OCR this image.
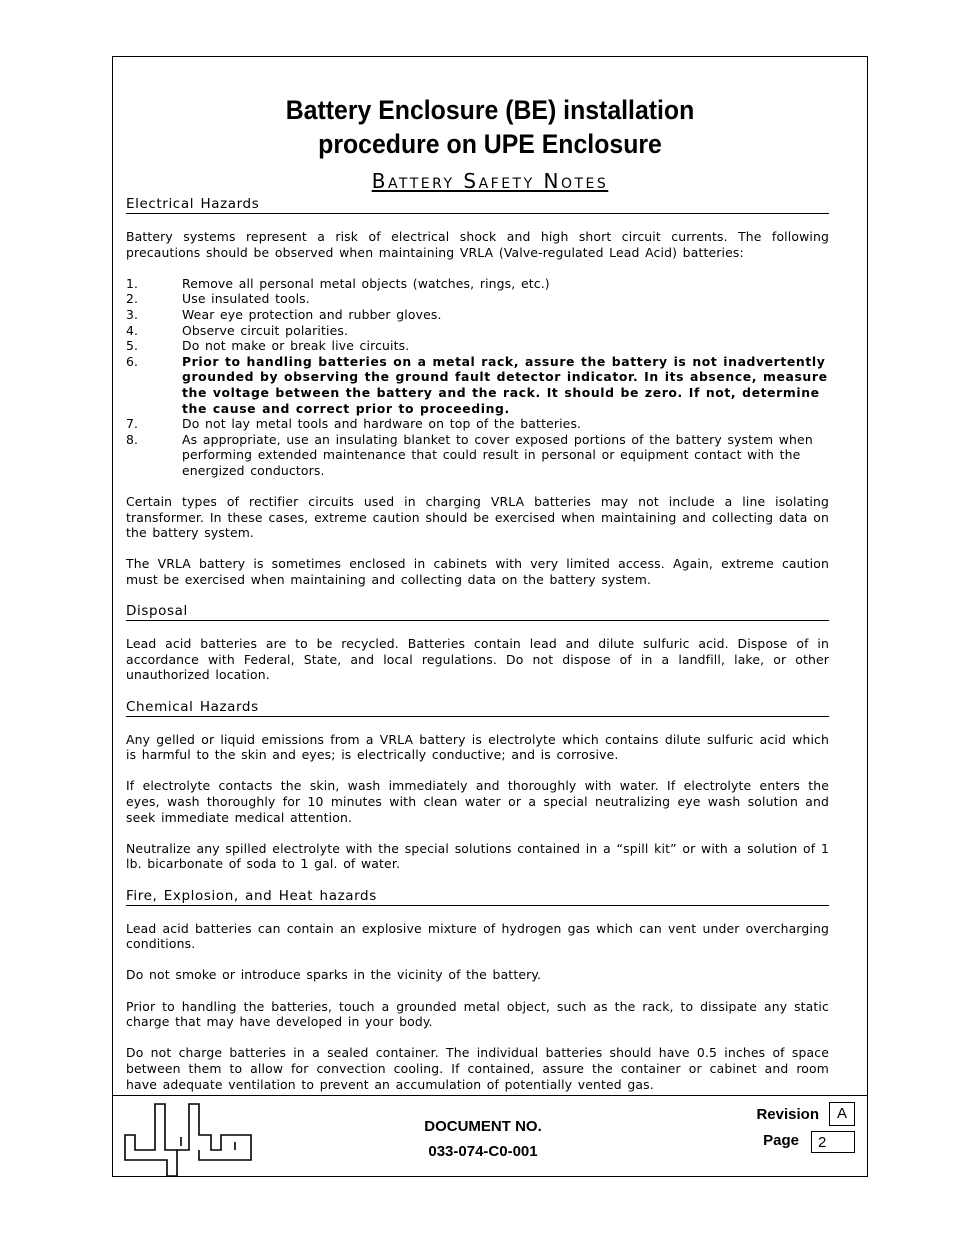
Battery Enclosure (BE) installation
procedure on UPE Enclosure
Battery Safety Notes
Electrical Hazards

Battery systems represent a risk of electrical shock and high short circuit currents. The following precautions should be observed when maintaining VRLA (Valve-regulated Lead Acid) batteries:

1.	Remove all personal metal objects (watches, rings, etc.)
2.	Use insulated tools.
3.	Wear eye protection and rubber gloves.
4.	Observe circuit polarities.
5.	Do not make or break live circuits.
6.	Prior to handling batteries on a metal rack, assure the battery is not inadvertently grounded by observing the ground fault detector indicator. In its absence, measure the voltage between the battery and the rack. It should be zero. If not, determine the cause and correct prior to proceeding.
7.	Do not lay metal tools and hardware on top of the batteries.
8.	As appropriate, use an insulating blanket to cover exposed portions of the battery system when performing extended maintenance that could result in personal or equipment contact with the energized conductors.

Certain types of rectifier circuits used in charging VRLA batteries may not include a line isolating transformer. In these cases, extreme caution should be exercised when maintaining and collecting data on the battery system.

The VRLA battery is sometimes enclosed in cabinets with very limited access. Again, extreme caution must be exercised when maintaining and collecting data on the battery system.

Disposal

Lead acid batteries are to be recycled. Batteries contain lead and dilute sulfuric acid. Dispose of in accordance with Federal, State, and local regulations. Do not dispose of in a landfill, lake, or other unauthorized location.

Chemical Hazards

Any gelled or liquid emissions from a VRLA battery is electrolyte which contains dilute sulfuric acid which is harmful to the skin and eyes; is electrically conductive; and is corrosive.

If electrolyte contacts the skin, wash immediately and thoroughly with water. If electrolyte enters the eyes, wash thoroughly for 10 minutes with clean water or a special neutralizing eye wash solution and seek immediate medical attention.

Neutralize any spilled electrolyte with the special solutions contained in a “spill kit” or with a solution of 1 lb. bicarbonate of soda to 1 gal. of water.

Fire, Explosion, and Heat hazards

Lead acid batteries can contain an explosive mixture of hydrogen gas which can vent under overcharging conditions.

Do not smoke or introduce sparks in the vicinity of the battery.

Prior to handling the batteries, touch a grounded metal object, such as the rack, to dissipate any static charge that may have developed in your body.

Do not charge batteries in a sealed container. The individual batteries should have 0.5 inches of space between them to allow for convection cooling. If contained, assure the container or cabinet and room have adequate ventilation to prevent an accumulation of potentially vented gas.

DOCUMENT NO.
033-074-C0-001
Revision	A
Page	2
